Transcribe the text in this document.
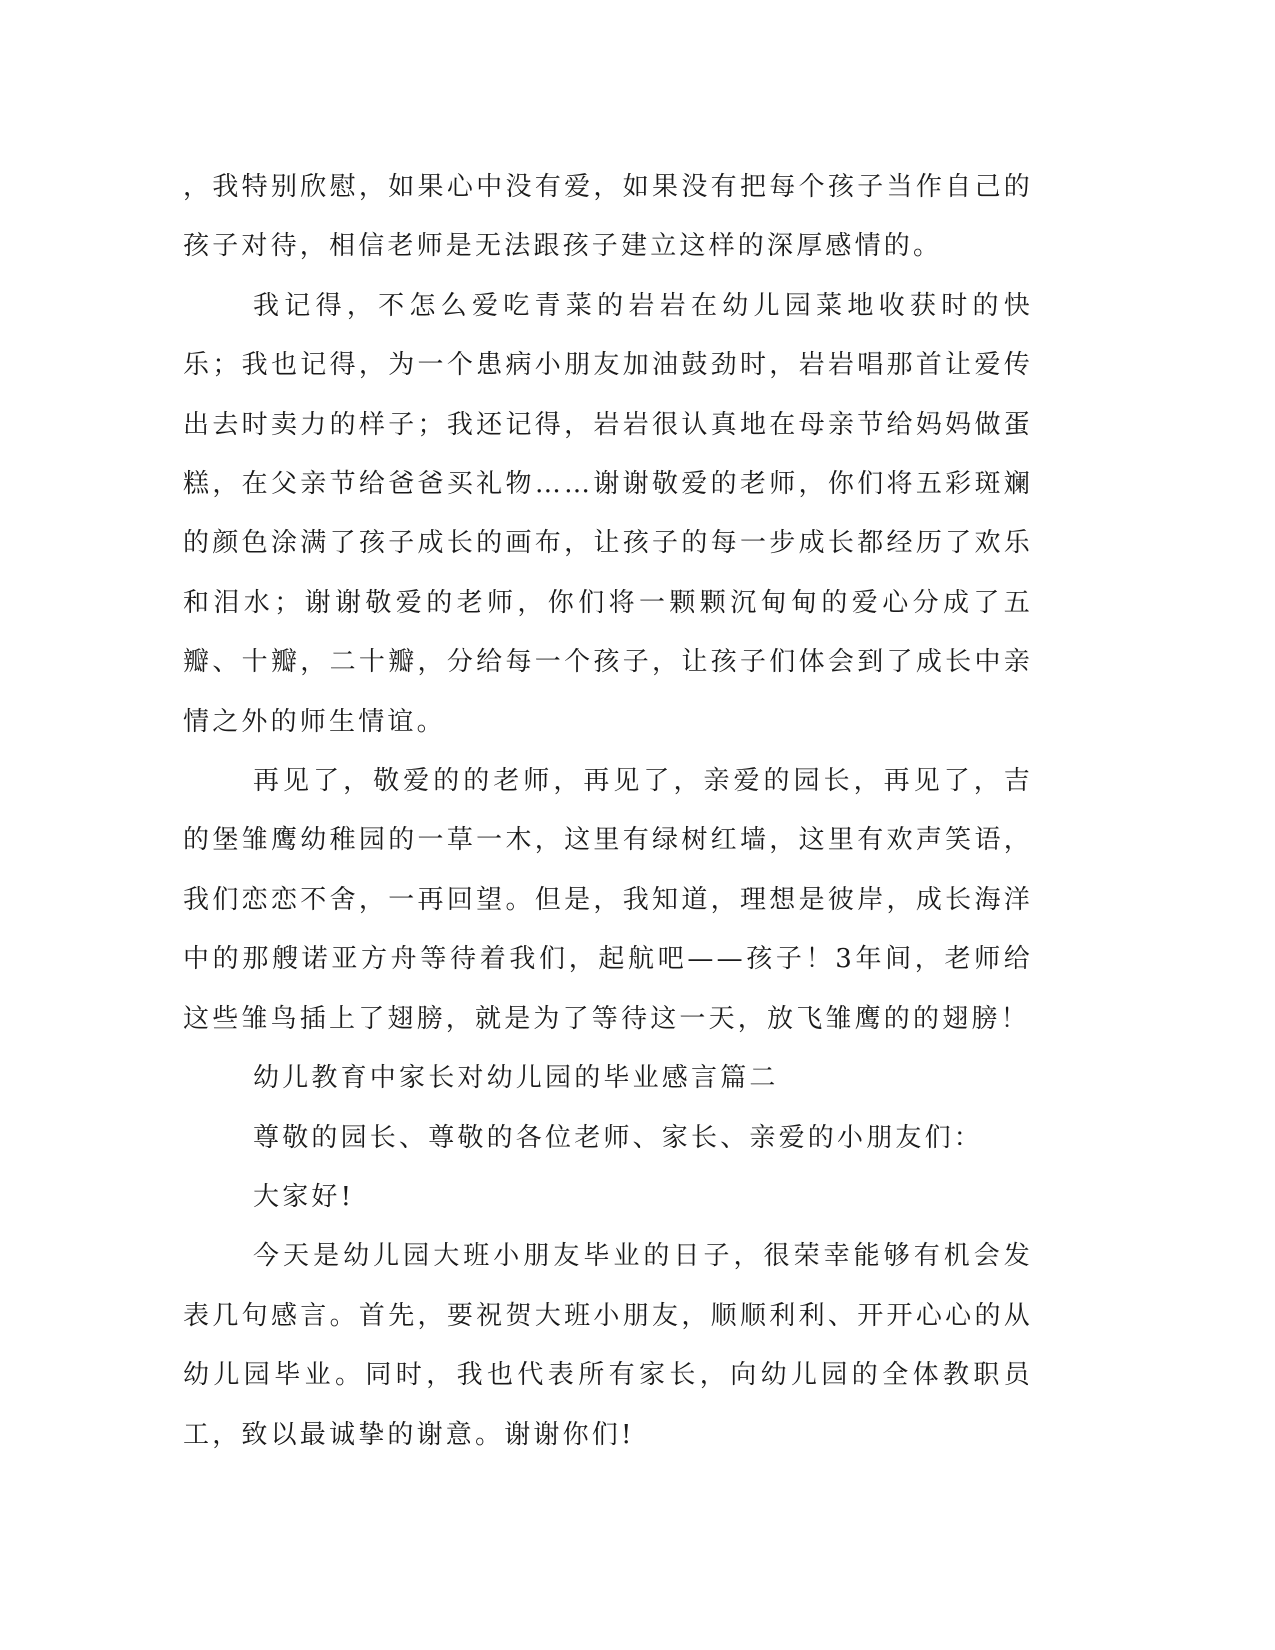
，我特别欣慰，如果心中没有爱，如果没有把每个孩子当作自己的孩子对待，相信老师是无法跟孩子建立这样的深厚感情的。

我记得，不怎么爱吃青菜的岩岩在幼儿园菜地收获时的快乐；我也记得，为一个患病小朋友加油鼓劲时，岩岩唱那首让爱传出去时卖力的样子；我还记得，岩岩很认真地在母亲节给妈妈做蛋糕，在父亲节给爸爸买礼物……谢谢敬爱的老师，你们将五彩斑斓的颜色涂满了孩子成长的画布，让孩子的每一步成长都经历了欢乐和泪水；谢谢敬爱的老师，你们将一颗颗沉甸甸的爱心分成了五瓣、十瓣，二十瓣，分给每一个孩子，让孩子们体会到了成长中亲情之外的师生情谊。

再见了，敬爱的的老师，再见了，亲爱的园长，再见了，吉的堡雏鹰幼稚园的一草一木，这里有绿树红墙，这里有欢声笑语，我们恋恋不舍，一再回望。但是，我知道，理想是彼岸，成长海洋中的那艘诺亚方舟等待着我们，起航吧——孩子！3年间，老师给这些雏鸟插上了翅膀，就是为了等待这一天，放飞雏鹰的的翅膀！

幼儿教育中家长对幼儿园的毕业感言篇二

尊敬的园长、尊敬的各位老师、家长、亲爱的小朋友们：

大家好!

今天是幼儿园大班小朋友毕业的日子，很荣幸能够有机会发表几句感言。首先，要祝贺大班小朋友，顺顺利利、开开心心的从幼儿园毕业。同时，我也代表所有家长，向幼儿园的全体教职员工，致以最诚挚的谢意。谢谢你们!
